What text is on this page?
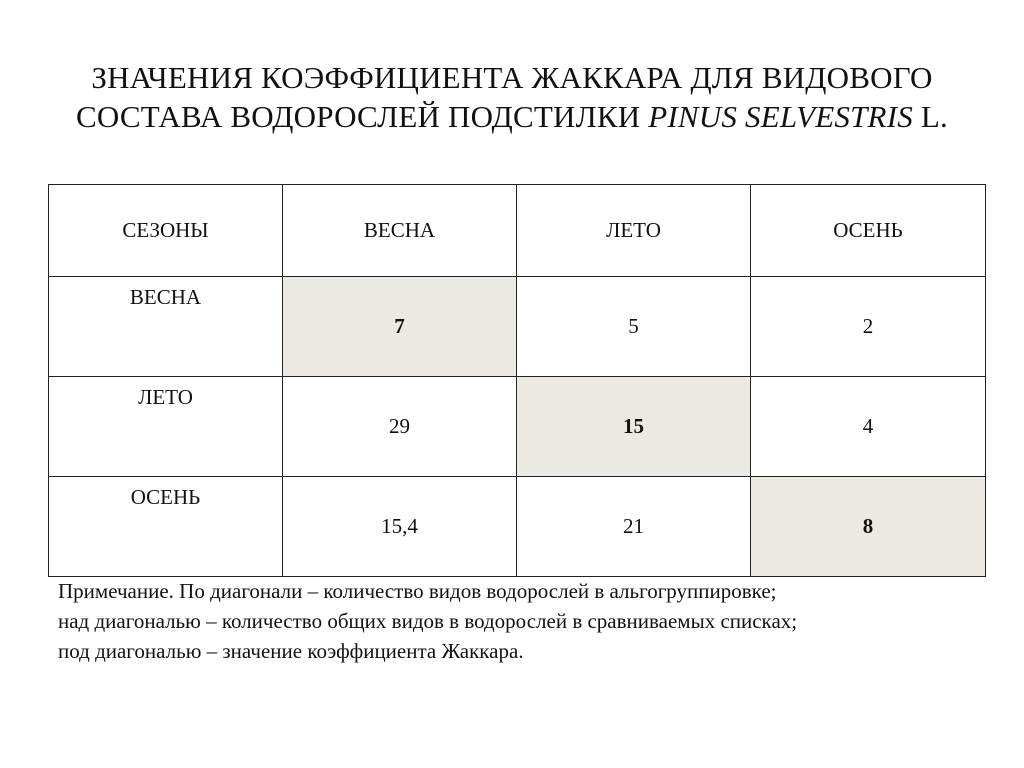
ЗНАЧЕНИЯ КОЭФФИЦИЕНТА ЖАККАРА ДЛЯ ВИДОВОГО
СОСТАВА ВОДОРОСЛЕЙ ПОДСТИЛКИ PINUS SELVESTRIS L.
СЕЗОНЫ	ВЕСНА	ЛЕТО	ОСЕНЬ
ВЕСНА	7	5	2
ЛЕТО	29	15	4
ОСЕНЬ	15,4	21	8
Примечание. По диагонали – количество видов водорослей в альгогруппировке;
над диагональю – количество общих видов в водорослей в сравниваемых списках;
под диагональю – значение коэффициента Жаккара.
